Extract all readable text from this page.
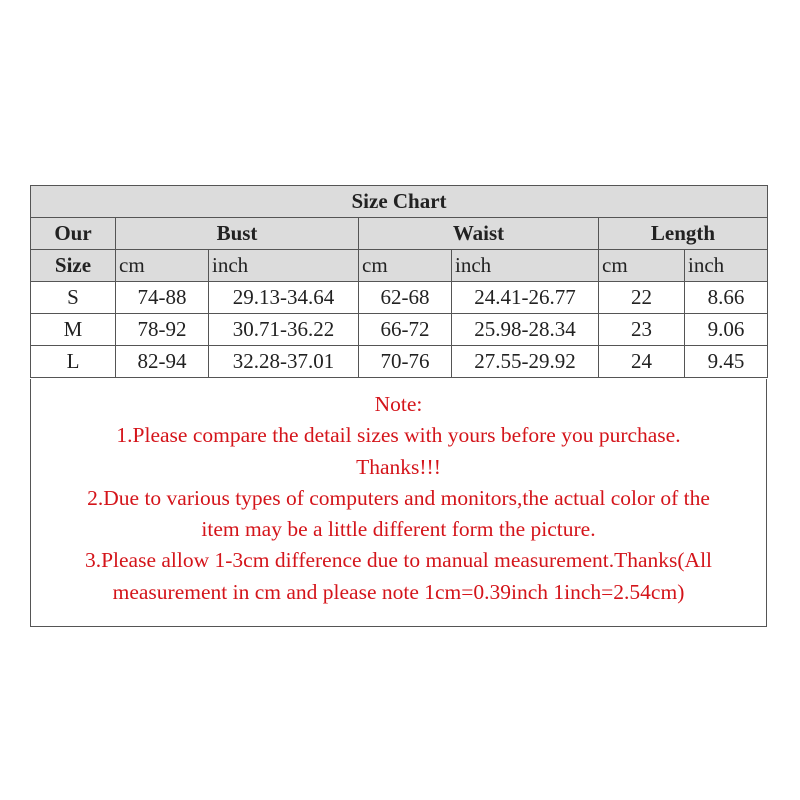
Size Chart						
Our	Bust		Waist		Length	
Size	cm	inch	cm	inch	cm	inch
S	74-88	29.13-34.64	62-68	24.41-26.77	22	8.66
M	78-92	30.71-36.22	66-72	25.98-28.34	23	9.06
L	82-94	32.28-37.01	70-76	27.55-29.92	24	9.45

Note:

1.Please compare the detail sizes with yours before you purchase.

Thanks!!!

2.Due to various types of computers and monitors,the actual color of the

item may be a little different form the picture.

3.Please allow 1-3cm difference due to manual measurement.Thanks(All

measurement in cm and please note 1cm=0.39inch 1inch=2.54cm)
